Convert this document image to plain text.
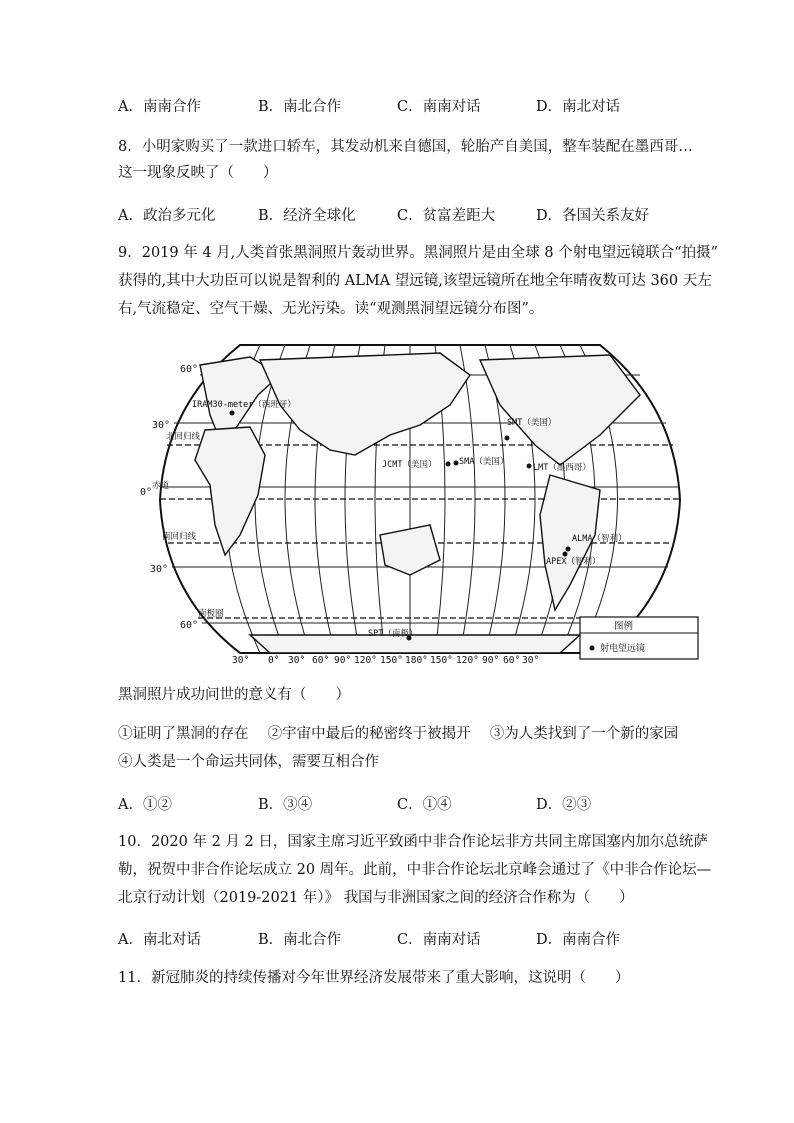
A．南南合作	B．南北合作	C．南南对话	D．南北对话
8．小明家购买了一款进口轿车，其发动机来自德国，轮胎产自美国，整车装配在墨西哥…
这一现象反映了（　　）
A．政治多元化	B．经济全球化	C．贫富差距大	D．各国关系友好
9．2019 年 4 月,人类首张黑洞照片轰动世界。黑洞照片是由全球 8 个射电望远镜联合“拍摄”
获得的,其中大功臣可以说是智利的 ALMA 望远镜,该望远镜所在地全年晴夜数可达 360 天左
右,气流稳定、空气干燥、无光污染。读“观测黑洞望远镜分布图”。
60°
30°
0°
30°
60°
北回归线
赤道
南回归线
南极圈
IRAM30-meter（西班牙）
SMT（美国）
JCMT（美国）	SMA（美国）
LMT（墨西哥）
ALMA（智利）
APEX（智利）
SPT（南极）
图例
射电望远镜
30° 0° 30° 60° 90° 120° 150° 180° 150° 120° 90° 60° 30°
黑洞照片成功问世的意义有（　　）
①证明了黑洞的存在　 ②宇宙中最后的秘密终于被揭开　 ③为人类找到了一个新的家园
④人类是一个命运共同体，需要互相合作
A．①②	B．③④	C．①④	D．②③
10．2020 年 2 月 2 日，国家主席习近平致函中非合作论坛非方共同主席国塞内加尔总统萨
勒，祝贺中非合作论坛成立 20 周年。此前，中非合作论坛北京峰会通过了《中非合作论坛—
北京行动计划（2019-2021 年）》 我国与非洲国家之间的经济合作称为（　　）
A．南北对话	B．南北合作	C．南南对话	D．南南合作
11．新冠肺炎的持续传播对今年世界经济发展带来了重大影响，这说明（　　）
